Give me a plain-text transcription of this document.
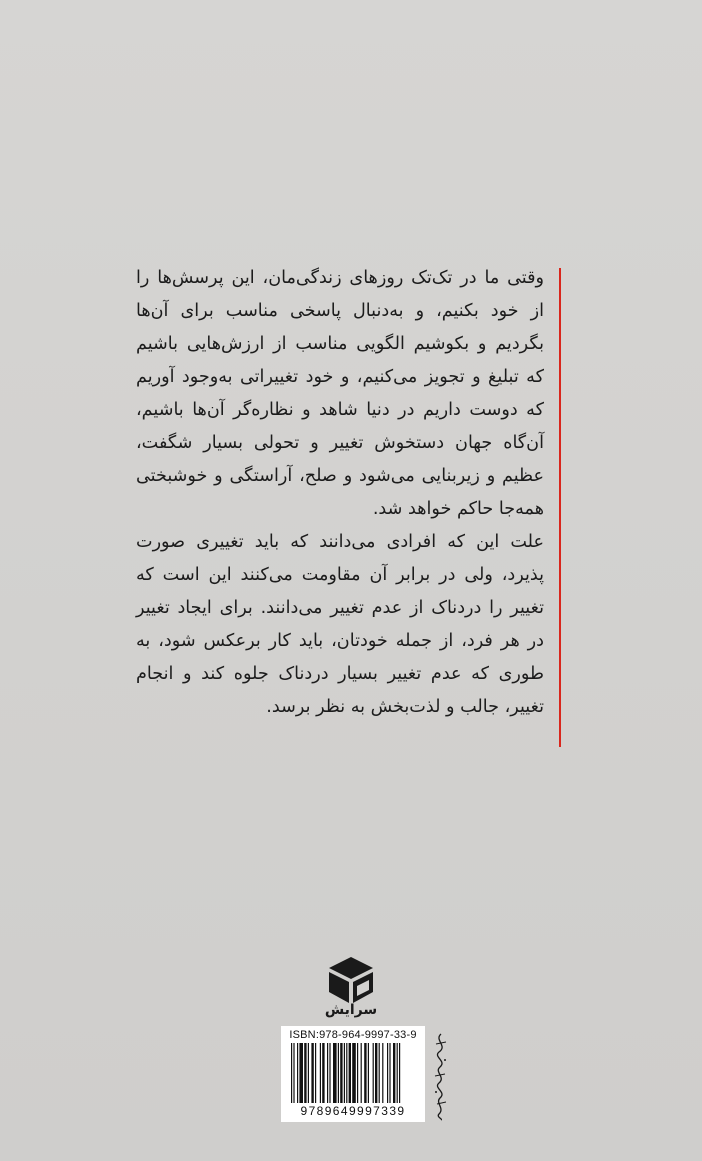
وقتی ما در تک‌تک روزهای زندگی‌مان، این پرسش‌ها را از خود بکنیم، و به‌دنبال پاسخی مناسب برای آن‌ها بگردیم و بکوشیم الگویی مناسب از ارزش‌هایی باشیم که تبلیغ و تجویز می‌کنیم، و خود تغییراتی به‌وجود آوریم که دوست داریم در دنیا شاهد و نظاره‌گر آن‌ها باشیم، آن‌گاه جهان دستخوش تغییر و تحولی بسیار شگفت، عظیم و زیربنایی می‌شود و صلح، آراستگی و خوشبختی همه‌جا حاکم خواهد شد.

علت این که افرادی می‌دانند که باید تغییری صورت پذیرد، ولی در برابر آن مقاومت می‌کنند این است که تغییر را دردناک از عدم تغییر می‌دانند. برای ایجاد تغییر در هر فرد، از جمله خودتان، باید کار برعکس شود، به طوری که عدم تغییر بسیار دردناک جلوه کند و انجام تغییر، جالب و لذت‌بخش به نظر برسد.

سرایش
ISBN:978-964-9997-33-9
9789649997339
